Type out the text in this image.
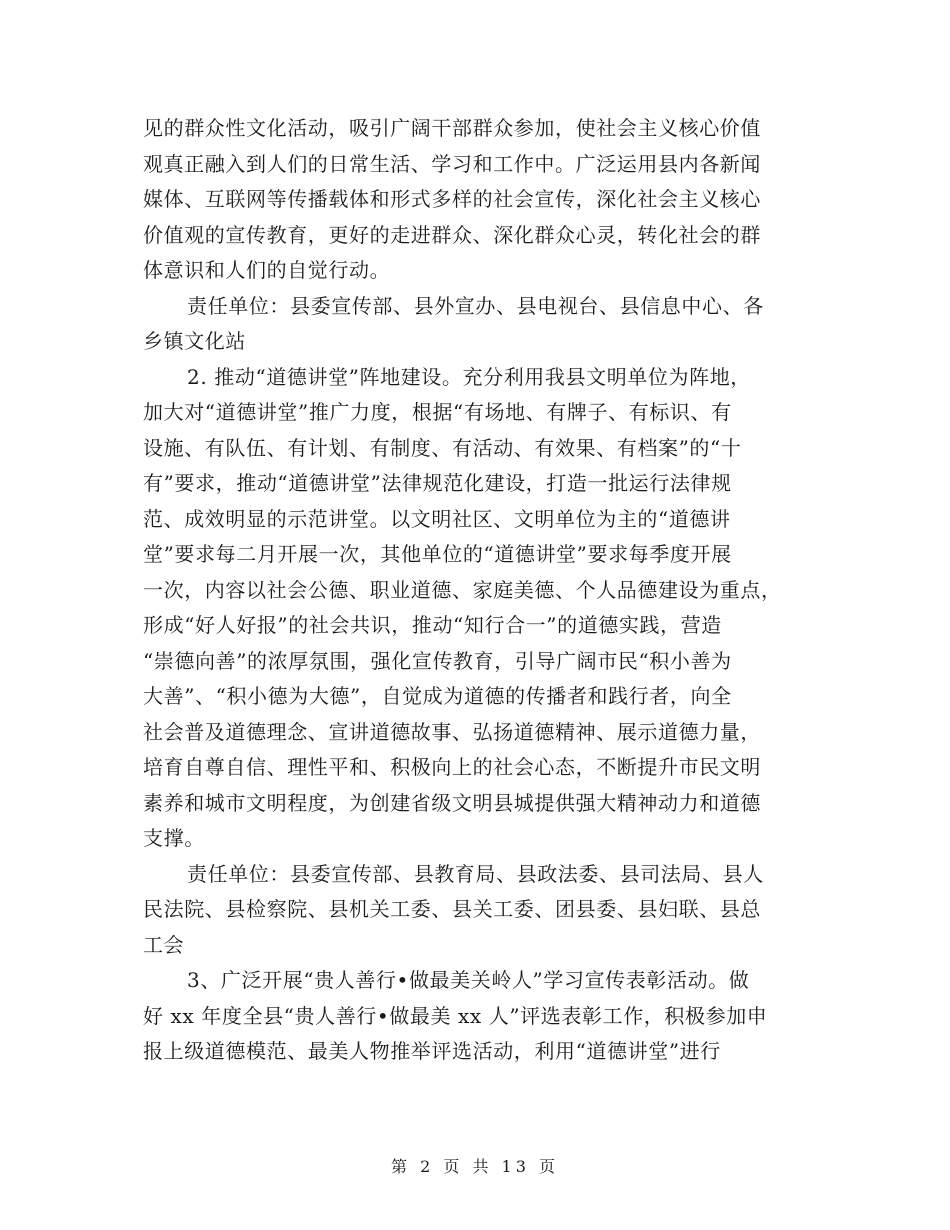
见的群众性文化活动，吸引广阔干部群众参加，使社会主义核心价值
观真正融入到人们的日常生活、学习和工作中。广泛运用县内各新闻
媒体、互联网等传播载体和形式多样的社会宣传，深化社会主义核心
价值观的宣传教育，更好的走进群众、深化群众心灵，转化社会的群
体意识和人们的自觉行动。
责任单位：县委宣传部、县外宣办、县电视台、县信息中心、各
乡镇文化站
2. 推动“道德讲堂”阵地建设。充分利用我县文明单位为阵地，
加大对“道德讲堂”推广力度，根据“有场地、有牌子、有标识、有
设施、有队伍、有计划、有制度、有活动、有效果、有档案”的“十
有”要求，推动“道德讲堂”法律规范化建设，打造一批运行法律规
范、成效明显的示范讲堂。以文明社区、文明单位为主的“道德讲
堂”要求每二月开展一次，其他单位的“道德讲堂”要求每季度开展
一次，内容以社会公德、职业道德、家庭美德、个人品德建设为重点，
形成“好人好报”的社会共识，推动“知行合一”的道德实践，营造
“崇德向善”的浓厚氛围，强化宣传教育，引导广阔市民“积小善为
大善”、“积小德为大德”，自觉成为道德的传播者和践行者，向全
社会普及道德理念、宣讲道德故事、弘扬道德精神、展示道德力量，
培育自尊自信、理性平和、积极向上的社会心态，不断提升市民文明
素养和城市文明程度，为创建省级文明县城提供强大精神动力和道德
支撑。
责任单位：县委宣传部、县教育局、县政法委、县司法局、县人
民法院、县检察院、县机关工委、县关工委、团县委、县妇联、县总
工会
3、广泛开展“贵人善行•做最美关岭人”学习宣传表彰活动。做
好 xx 年度全县“贵人善行•做最美 xx 人”评选表彰工作，积极参加申
报上级道德模范、最美人物推举评选活动，利用“道德讲堂”进行
第 2 页 共 13 页
